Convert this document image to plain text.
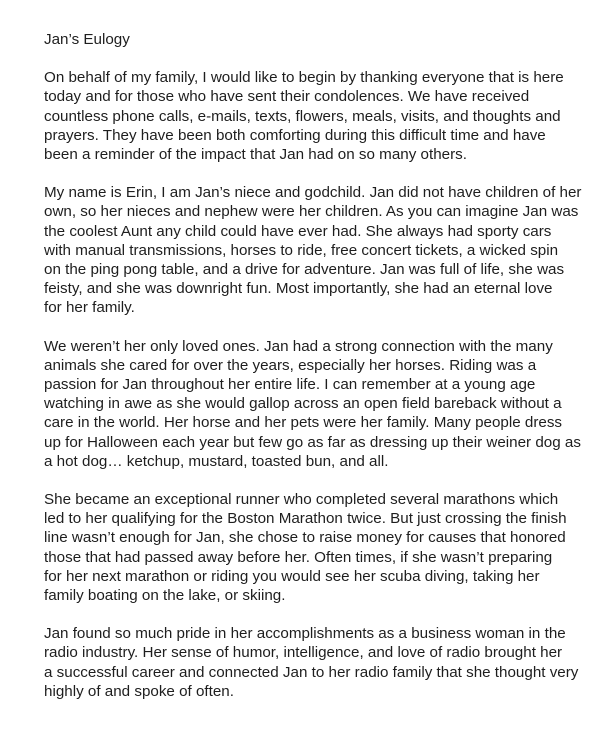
Jan’s Eulogy
On behalf of my family, I would like to begin by thanking everyone that is here
today and for those who have sent their condolences. We have received
countless phone calls, e-mails, texts, flowers, meals, visits, and thoughts and
prayers. They have been both comforting during this difficult time and have
been a reminder of the impact that Jan had on so many others.
My name is Erin, I am Jan’s niece and godchild. Jan did not have children of her
own, so her nieces and nephew were her children. As you can imagine Jan was
the coolest Aunt any child could have ever had. She always had sporty cars
with manual transmissions, horses to ride, free concert tickets, a wicked spin
on the ping pong table, and a drive for adventure. Jan was full of life, she was
feisty, and she was downright fun. Most importantly, she had an eternal love
for her family.
We weren’t her only loved ones. Jan had a strong connection with the many
animals she cared for over the years, especially her horses. Riding was a
passion for Jan throughout her entire life. I can remember at a young age
watching in awe as she would gallop across an open field bareback without a
care in the world. Her horse and her pets were her family. Many people dress
up for Halloween each year but few go as far as dressing up their weiner dog as
a hot dog… ketchup, mustard, toasted bun, and all.
She became an exceptional runner who completed several marathons which
led to her qualifying for the Boston Marathon twice. But just crossing the finish
line wasn’t enough for Jan, she chose to raise money for causes that honored
those that had passed away before her. Often times, if she wasn’t preparing
for her next marathon or riding you would see her scuba diving, taking her
family boating on the lake, or skiing.
Jan found so much pride in her accomplishments as a business woman in the
radio industry. Her sense of humor, intelligence, and love of radio brought her
a successful career and connected Jan to her radio family that she thought very
highly of and spoke of often.
